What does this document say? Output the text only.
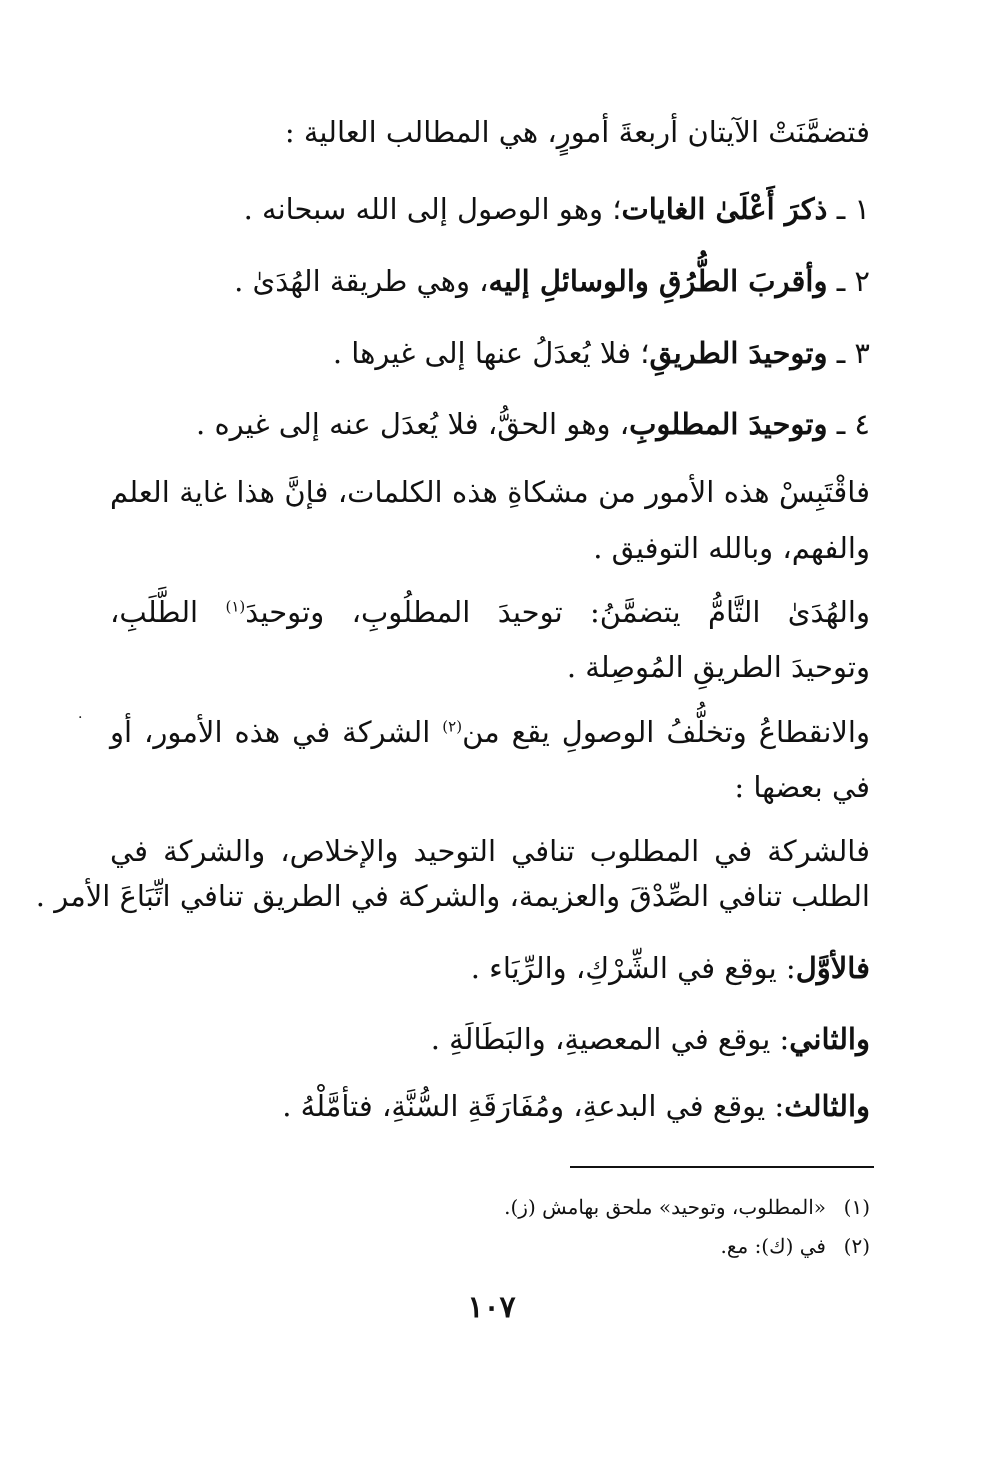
فتضمَّنَتْ الآيتان أربعةَ أمورٍ، هي المطالب العالية :
١ ـ ذكرَ أَعْلَىٰ الغايات؛ وهو الوصول إلى الله سبحانه .
٢ ـ وأقربَ الطُّرُقِ والوسائلِ إليه، وهي طريقة الهُدَىٰ .
٣ ـ وتوحيدَ الطريقِ؛ فلا يُعدَلُ عنها إلى غيرها .
٤ ـ وتوحيدَ المطلوبِ، وهو الحقُّ، فلا يُعدَل عنه إلى غيره .
فاقْتَبِسْ هذه الأمور من مشكاةِ هذه الكلمات، فإنَّ هذا غاية العلم
والفهم، وبالله التوفيق .
والهُدَىٰ التَّامُّ يتضمَّنُ: توحيدَ المطلُوبِ، وتوحيدَ$^{(١)}$ الطَّلَبِ،
وتوحيدَ الطريقِ المُوصِلة .
والانقطاعُ وتخلُّفُ الوصولِ يقع من$^{(٢)}$ الشركة في هذه الأمور، أو
في بعضها :
فالشركة في المطلوب تنافي التوحيد والإخلاص، والشركة في
الطلب تنافي الصِّدْقَ والعزيمة، والشركة في الطريق تنافي اتِّبَاعَ الأمر .
فالأوَّل: يوقع في الشِّرْكِ، والرِّيَاء .
والثاني: يوقع في المعصيةِ، والبَطَالَةِ .
والثالث: يوقع في البدعةِ، ومُفَارَقَةِ السُّنَّةِ، فتأمَّلْهُ .
(١)«المطلوب، وتوحيد» ملحق بهامش (ز).
(٢)في (ك): مع.
١٠٧
.
